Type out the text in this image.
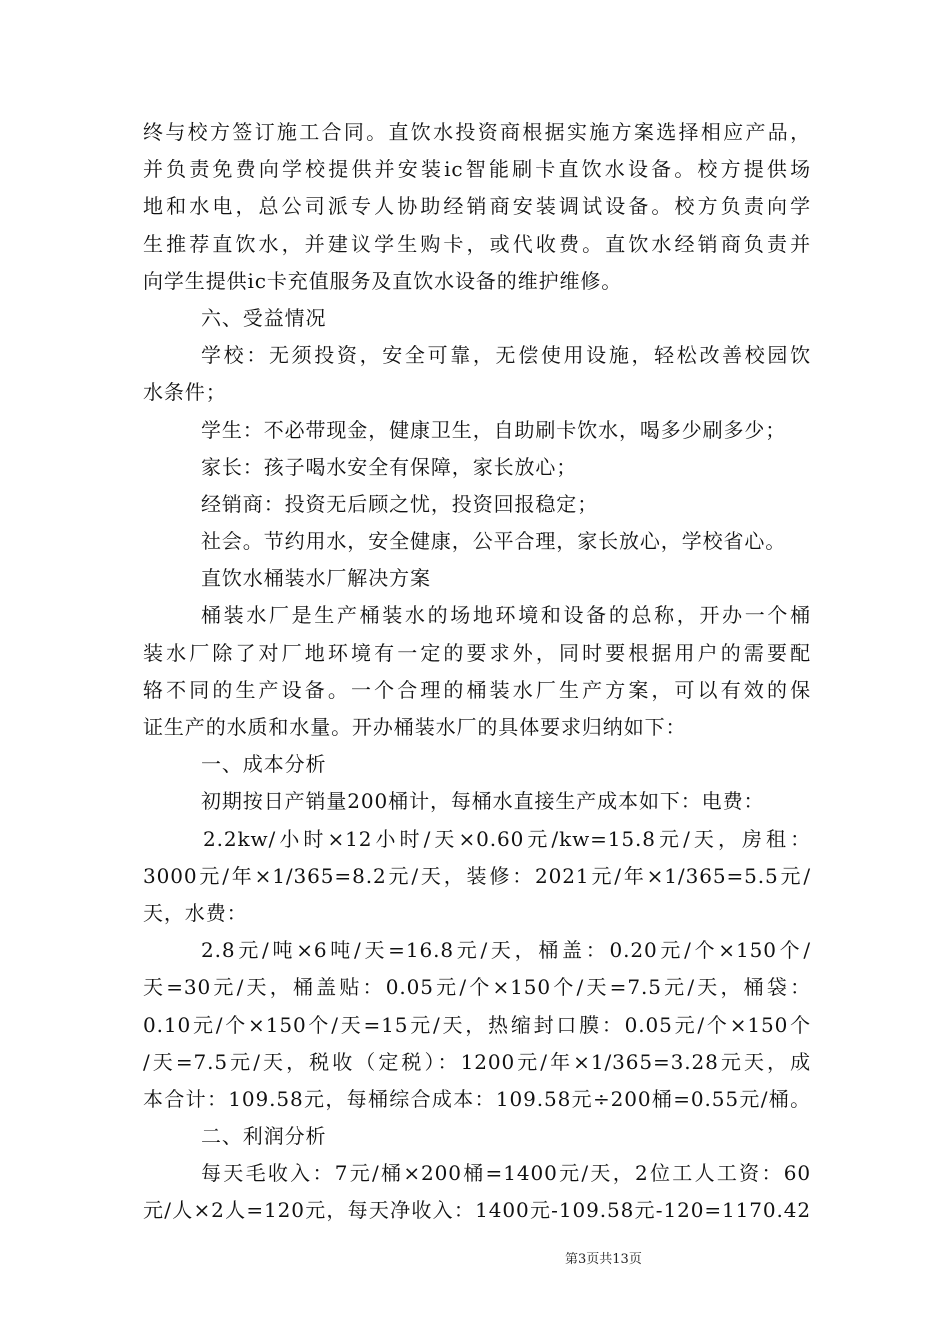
终与校方签订施工合同。直饮水投资商根据实施方案选择相应产品，
并负责免费向学校提供并安装ic智能刷卡直饮水设备。校方提供场
地和水电，总公司派专人协助经销商安装调试设备。校方负责向学
生推荐直饮水，并建议学生购卡，或代收费。直饮水经销商负责并
向学生提供ic卡充值服务及直饮水设备的维护维修。
六、受益情况
学校：无须投资，安全可靠，无偿使用设施，轻松改善校园饮
水条件；
学生：不必带现金，健康卫生，自助刷卡饮水，喝多少刷多少；
家长：孩子喝水安全有保障，家长放心；
经销商：投资无后顾之忧，投资回报稳定；
社会。节约用水，安全健康，公平合理，家长放心，学校省心。
直饮水桶装水厂解决方案
桶装水厂是生产桶装水的场地环境和设备的总称，开办一个桶
装水厂除了对厂地环境有一定的要求外，同时要根据用户的需要配
辂不同的生产设备。一个合理的桶装水厂生产方案，可以有效的保
证生产的水质和水量。开办桶装水厂的具体要求归纳如下：
一、成本分析
初期按日产销量200桶计，每桶水直接生产成本如下：电费：
2.2kw/小时×12小时/天×0.60元/kw=15.8元/天，房租：
3000元/年×1/365=8.2元/天，装修：2021元/年×1/365=5.5元/
天，水费：
2.8元/吨×6吨/天=16.8元/天，桶盖：0.20元/个×150个/
天=30元/天，桶盖贴：0.05元/个×150个/天=7.5元/天，桶袋：
0.10元/个×150个/天=15元/天，热缩封口膜：0.05元/个×150个
/天=7.5元/天，税收（定税）：1200元/年×1/365=3.28元天，成
本合计：109.58元，每桶综合成本：109.58元÷200桶=0.55元/桶。
二、利润分析
每天毛收入：7元/桶×200桶=1400元/天，2位工人工资：60
元/人×2人=120元，每天净收入：1400元-109.58元-120=1170.42
第3页共13页
